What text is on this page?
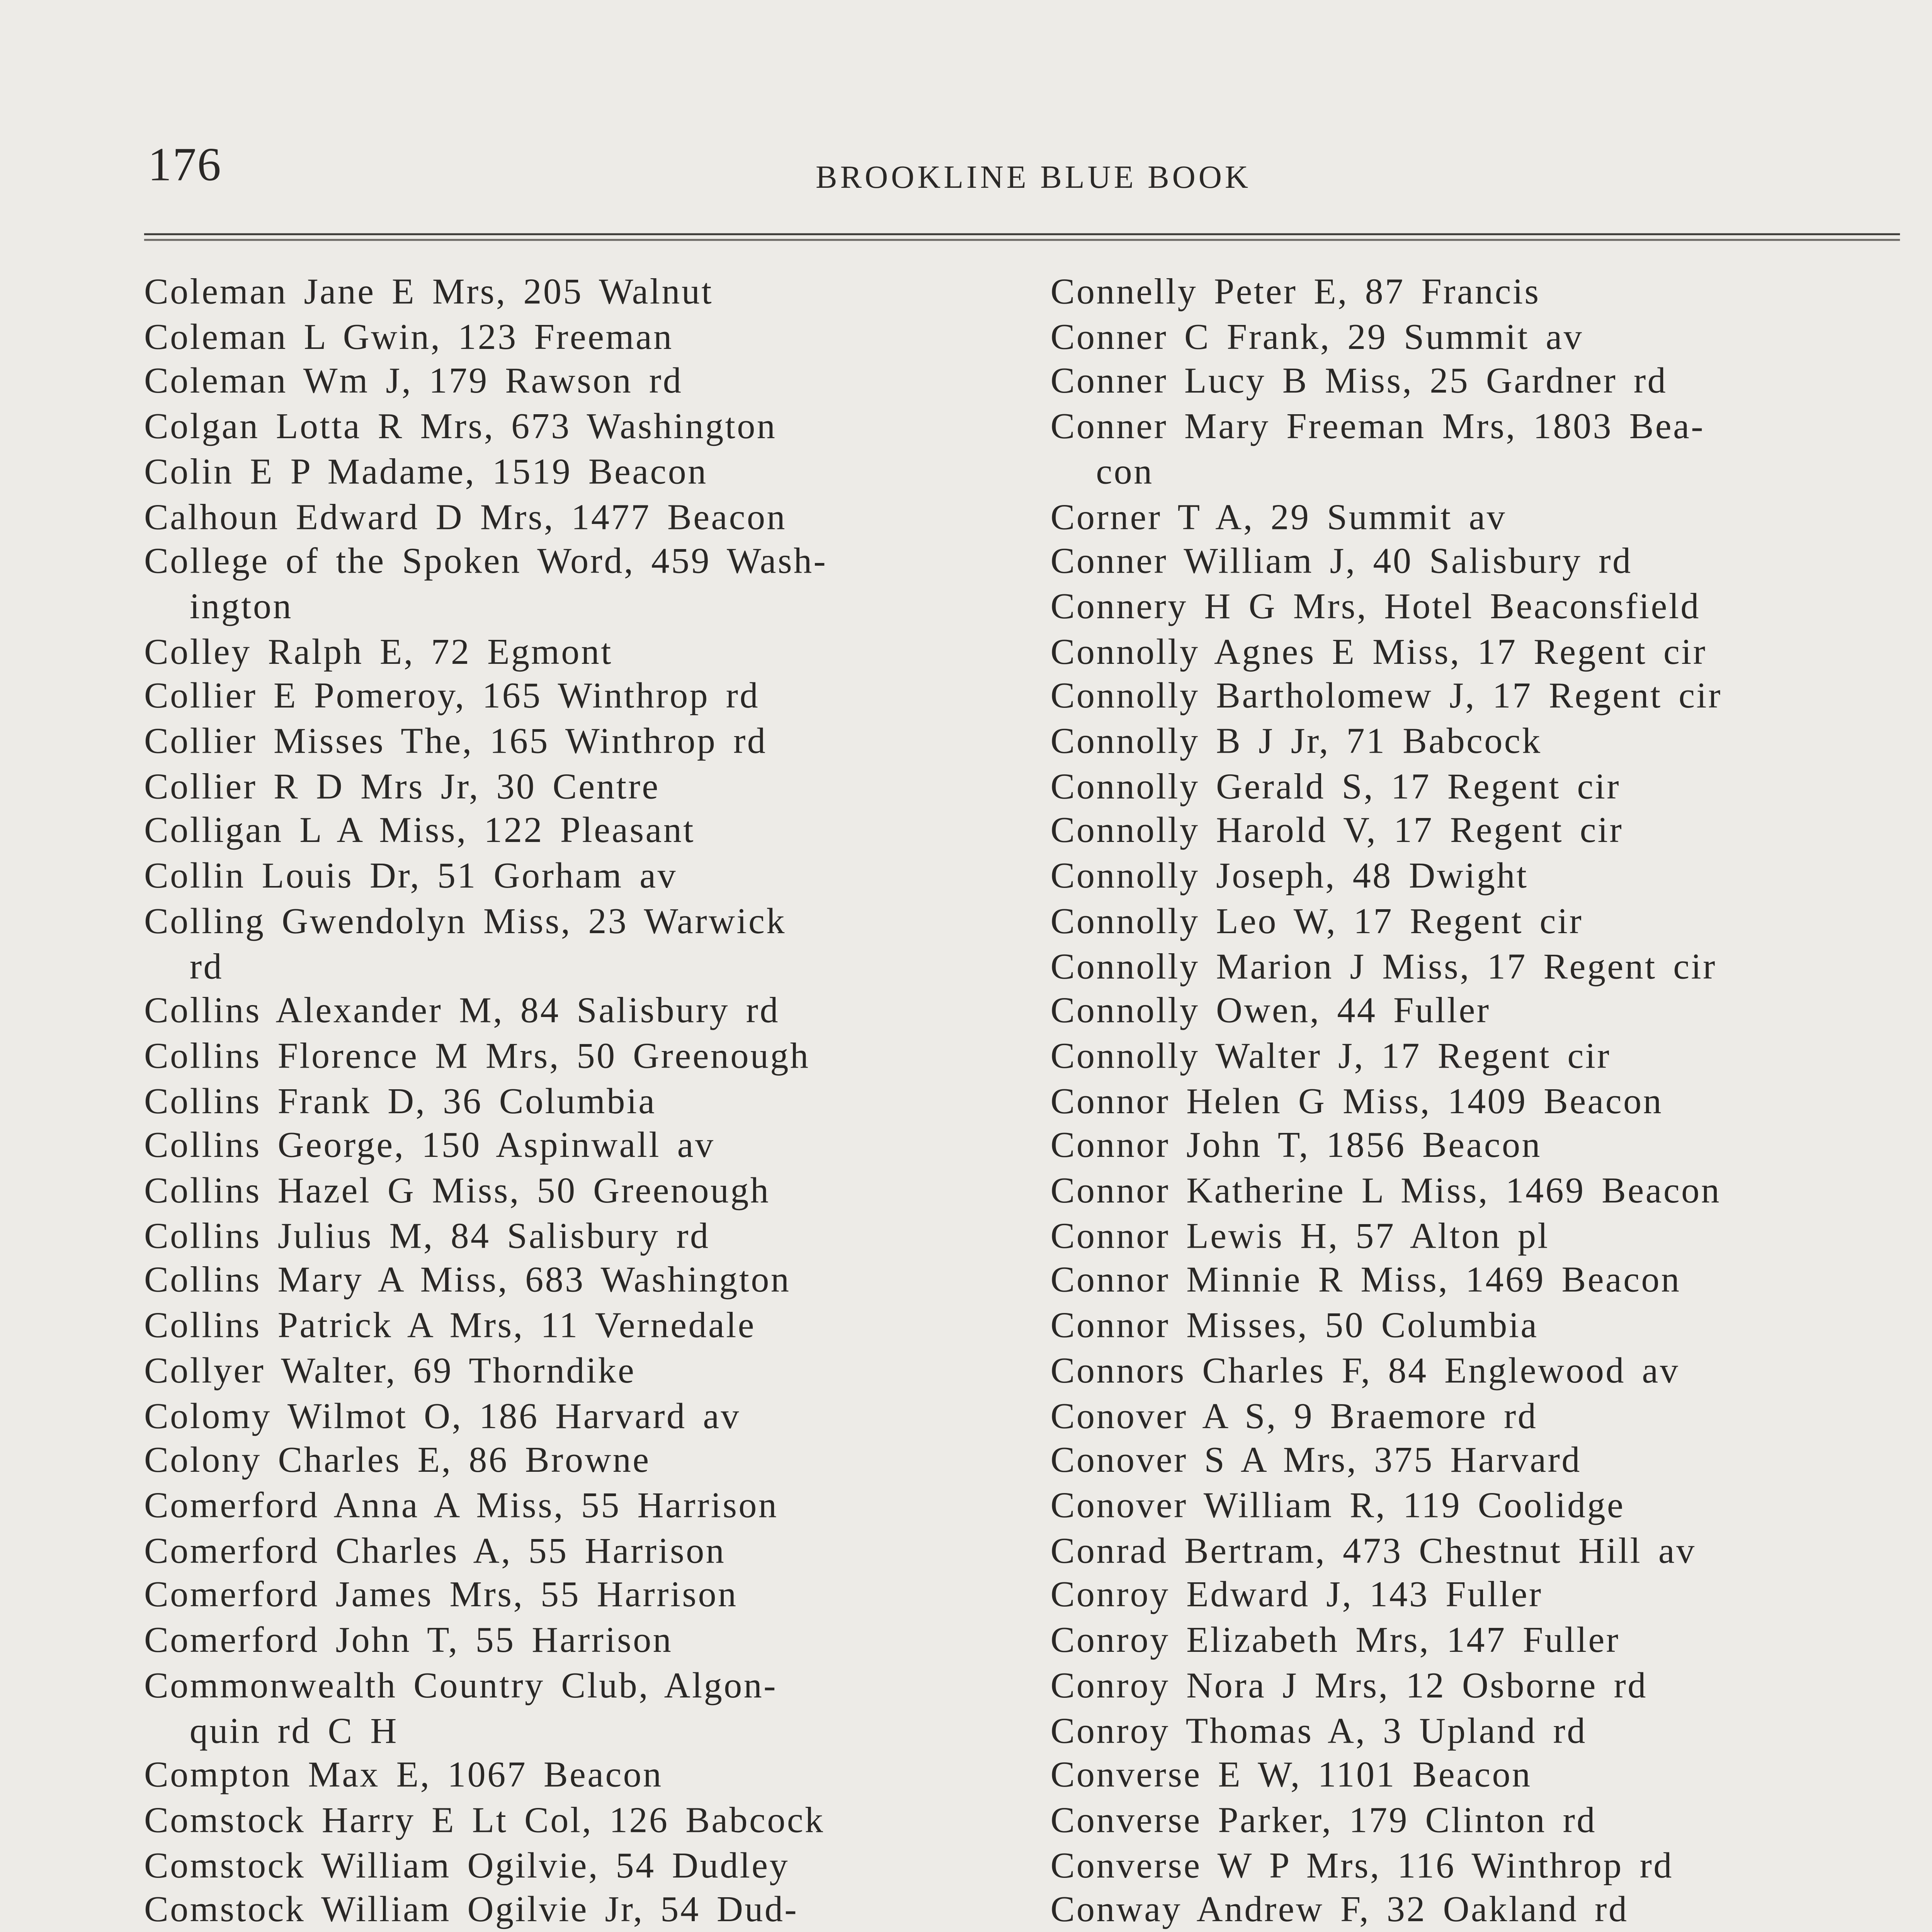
176	BROOKLINE BLUE BOOK
Coleman Jane E Mrs, 205 Walnut
Coleman L Gwin, 123 Freeman
Coleman Wm J, 179 Rawson rd
Colgan Lotta R Mrs, 673 Washington
Colin E P Madame, 1519 Beacon
Calhoun Edward D Mrs, 1477 Beacon
College of the Spoken Word, 459 Wash-
ington
Colley Ralph E, 72 Egmont
Collier E Pomeroy, 165 Winthrop rd
Collier Misses The, 165 Winthrop rd
Collier R D Mrs Jr, 30 Centre
Colligan L A Miss, 122 Pleasant
Collin Louis Dr, 51 Gorham av
Colling Gwendolyn Miss, 23 Warwick
rd
Collins Alexander M, 84 Salisbury rd
Collins Florence M Mrs, 50 Greenough
Collins Frank D, 36 Columbia
Collins George, 150 Aspinwall av
Collins Hazel G Miss, 50 Greenough
Collins Julius M, 84 Salisbury rd
Collins Mary A Miss, 683 Washington
Collins Patrick A Mrs, 11 Vernedale
Collyer Walter, 69 Thorndike
Colomy Wilmot O, 186 Harvard av
Colony Charles E, 86 Browne
Comerford Anna A Miss, 55 Harrison
Comerford Charles A, 55 Harrison
Comerford James Mrs, 55 Harrison
Comerford John T, 55 Harrison
Commonwealth Country Club, Algon-
quin rd C H
Compton Max E, 1067 Beacon
Comstock Harry E Lt Col, 126 Babcock
Comstock William Ogilvie, 54 Dudley
Comstock William Ogilvie Jr, 54 Dud-
Connelly Peter E, 87 Francis
Conner C Frank, 29 Summit av
Conner Lucy B Miss, 25 Gardner rd
Conner Mary Freeman Mrs, 1803 Bea-
con
Corner T A, 29 Summit av
Conner William J, 40 Salisbury rd
Connery H G Mrs, Hotel Beaconsfield
Connolly Agnes E Miss, 17 Regent cir
Connolly Bartholomew J, 17 Regent cir
Connolly B J Jr, 71 Babcock
Connolly Gerald S, 17 Regent cir
Connolly Harold V, 17 Regent cir
Connolly Joseph, 48 Dwight
Connolly Leo W, 17 Regent cir
Connolly Marion J Miss, 17 Regent cir
Connolly Owen, 44 Fuller
Connolly Walter J, 17 Regent cir
Connor Helen G Miss, 1409 Beacon
Connor John T, 1856 Beacon
Connor Katherine L Miss, 1469 Beacon
Connor Lewis H, 57 Alton pl
Connor Minnie R Miss, 1469 Beacon
Connor Misses, 50 Columbia
Connors Charles F, 84 Englewood av
Conover A S, 9 Braemore rd
Conover S A Mrs, 375 Harvard
Conover William R, 119 Coolidge
Conrad Bertram, 473 Chestnut Hill av
Conroy Edward J, 143 Fuller
Conroy Elizabeth Mrs, 147 Fuller
Conroy Nora J Mrs, 12 Osborne rd
Conroy Thomas A, 3 Upland rd
Converse E W, 1101 Beacon
Converse Parker, 179 Clinton rd
Converse W P Mrs, 116 Winthrop rd
Conway Andrew F, 32 Oakland rd
